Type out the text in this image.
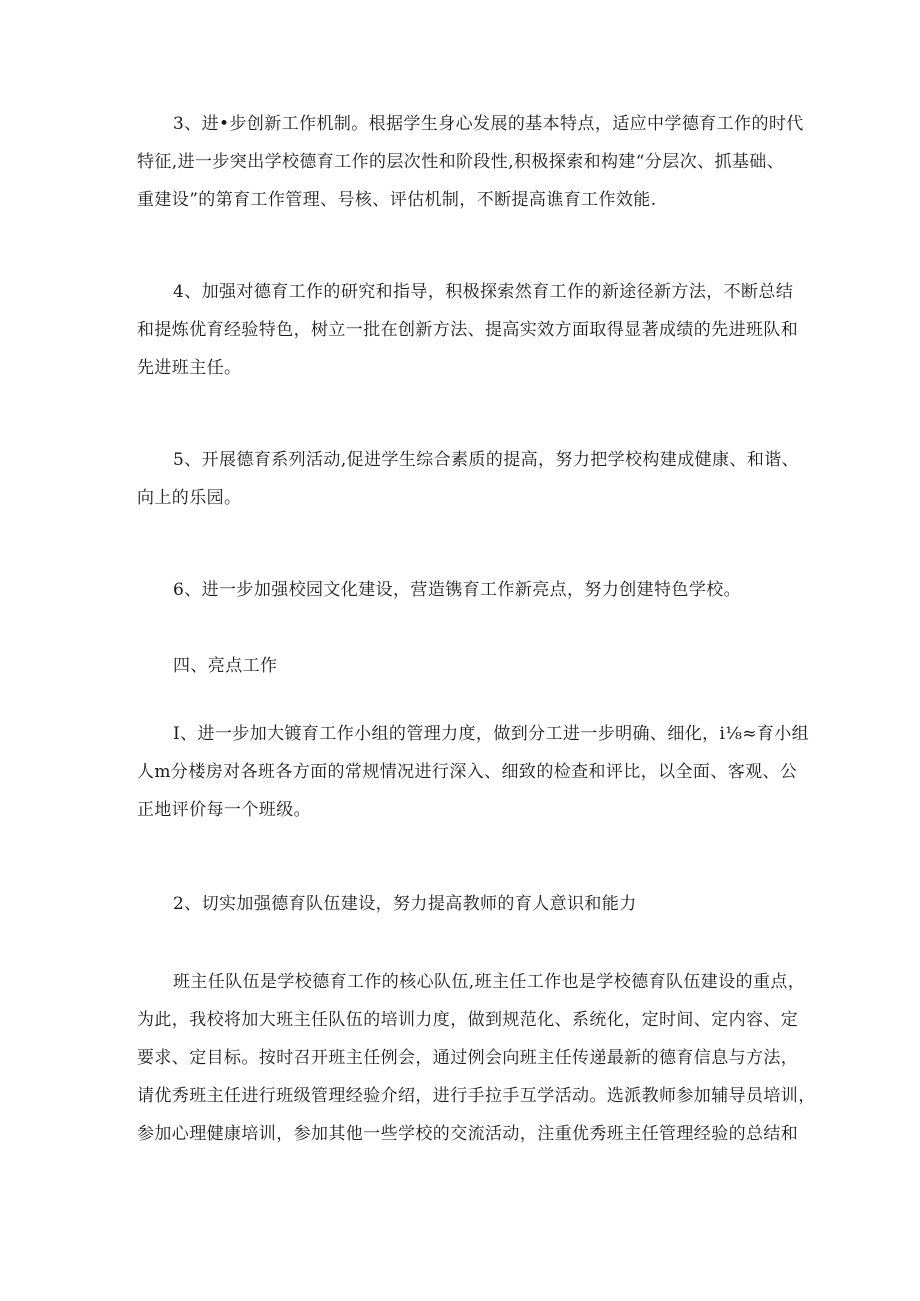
3、进•步创新工作机制。根据学生身心发展的基本特点，适应中学德育工作的时代
特征,进一步突出学校德育工作的层次性和阶段性,积极探索和构建“分层次、抓基础、
重建设”的第育工作管理、号核、评估机制，不断提高谯育工作效能.

4、加强对德育工作的研究和指导，积极探索然育工作的新途径新方法，不断总结
和提炼优育经验特色，树立一批在创新方法、提高实效方面取得显著成绩的先进班队和
先进班主任。

5、开展德育系列活动,促进学生综合素质的提高，努力把学校构建成健康、和谐、
向上的乐园。

6、进一步加强校园文化建设，营造镌育工作新亮点，努力创建特色学校。

四、亮点工作

I、进一步加大镀育工作小组的管理力度，做到分工进一步明确、细化，i⅛≈育小组
人m分楼房对各班各方面的常规情况进行深入、细致的检查和评比，以全面、客观、公
正地评价每一个班级。

2、切实加强德育队伍建设，努力提高教师的育人意识和能力

班主任队伍是学校德育工作的核心队伍,班主任工作也是学校德育队伍建设的重点，
为此，我校将加大班主任队伍的培训力度，做到规范化、系统化，定时间、定内容、定
要求、定目标。按时召开班主任例会，通过例会向班主任传递最新的德育信息与方法，
请优秀班主任进行班级管理经验介绍，进行手拉手互学活动。选派教师参加辅导员培训，
参加心理健康培训，参加其他一些学校的交流活动，注重优秀班主任管理经验的总结和
